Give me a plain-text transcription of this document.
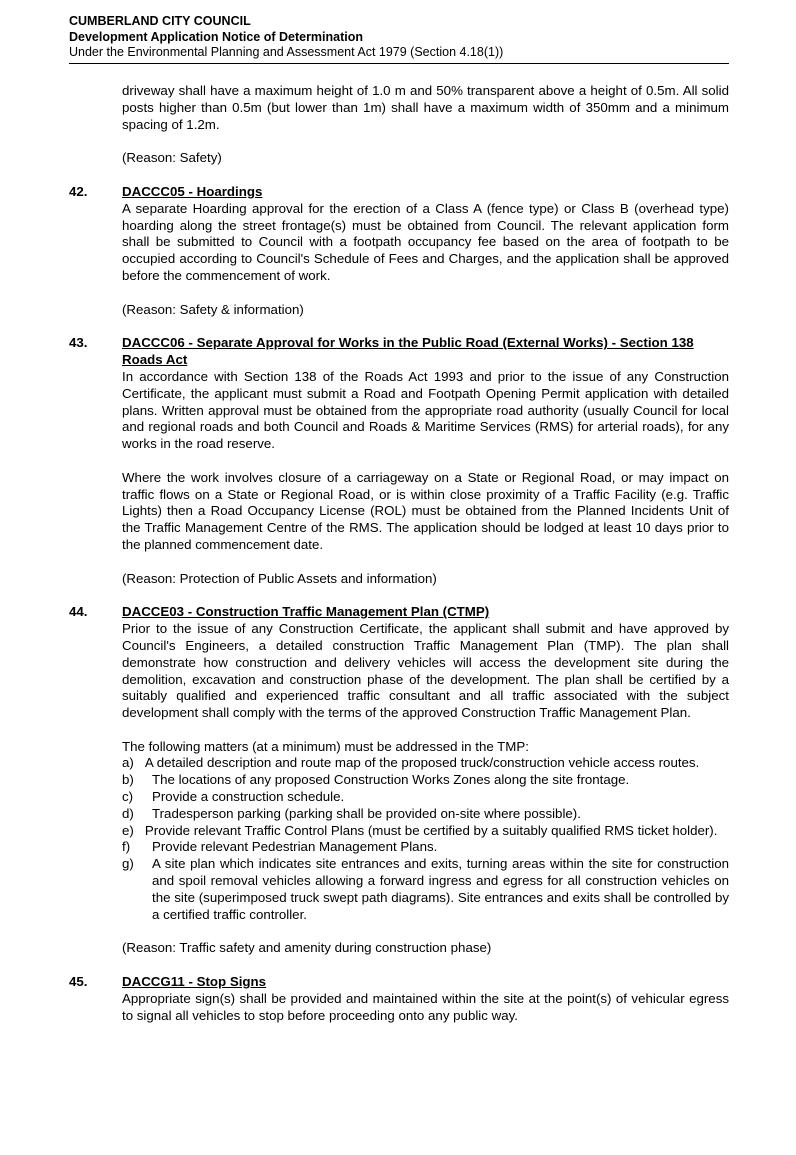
CUMBERLAND CITY COUNCIL
Development Application Notice of Determination
Under the Environmental Planning and Assessment Act 1979 (Section 4.18(1))

driveway shall have a maximum height of 1.0 m and 50% transparent above a height of 0.5m. All solid posts higher than 0.5m (but lower than 1m) shall have a maximum width of 350mm and a minimum spacing of 1.2m.

(Reason: Safety)

42.	DACCC05 - Hoardings

A separate Hoarding approval for the erection of a Class A (fence type) or Class B (overhead type) hoarding along the street frontage(s) must be obtained from Council. The relevant application form shall be submitted to Council with a footpath occupancy fee based on the area of footpath to be occupied according to Council's Schedule of Fees and Charges, and the application shall be approved before the commencement of work.

(Reason: Safety & information)

43.	DACCC06 - Separate Approval for Works in the Public Road (External Works) - Section 138 Roads Act

In accordance with Section 138 of the Roads Act 1993 and prior to the issue of any Construction Certificate, the applicant must submit a Road and Footpath Opening Permit application with detailed plans. Written approval must be obtained from the appropriate road authority (usually Council for local and regional roads and both Council and Roads & Maritime Services (RMS) for arterial roads), for any works in the road reserve.

Where the work involves closure of a carriageway on a State or Regional Road, or may impact on traffic flows on a State or Regional Road, or is within close proximity of a Traffic Facility (e.g. Traffic Lights) then a Road Occupancy License (ROL) must be obtained from the Planned Incidents Unit of the Traffic Management Centre of the RMS. The application should be lodged at least 10 days prior to the planned commencement date.

(Reason: Protection of Public Assets and information)

44.	DACCE03 - Construction Traffic Management Plan (CTMP)

Prior to the issue of any Construction Certificate, the applicant shall submit and have approved by Council's Engineers, a detailed construction Traffic Management Plan (TMP). The plan shall demonstrate how construction and delivery vehicles will access the development site during the demolition, excavation and construction phase of the development. The plan shall be certified by a suitably qualified and experienced traffic consultant and all traffic associated with the subject development shall comply with the terms of the approved Construction Traffic Management Plan.

The following matters (at a minimum) must be addressed in the TMP:

a) A detailed description and route map of the proposed truck/construction vehicle access routes.

b)	The locations of any proposed Construction Works Zones along the site frontage.
c)	Provide a construction schedule.
d)	Tradesperson parking (parking shall be provided on-site where possible).

e) Provide relevant Traffic Control Plans (must be certified by a suitably qualified RMS ticket holder).

f)	Provide relevant Pedestrian Management Plans.
g)	A site plan which indicates site entrances and exits, turning areas within the site for construction and spoil removal vehicles allowing a forward ingress and egress for all construction vehicles on the site (superimposed truck swept path diagrams). Site entrances and exits shall be controlled by a certified traffic controller.

(Reason: Traffic safety and amenity during construction phase)

45.	DACCG11 - Stop Signs

Appropriate sign(s) shall be provided and maintained within the site at the point(s) of vehicular egress to signal all vehicles to stop before proceeding onto any public way.
